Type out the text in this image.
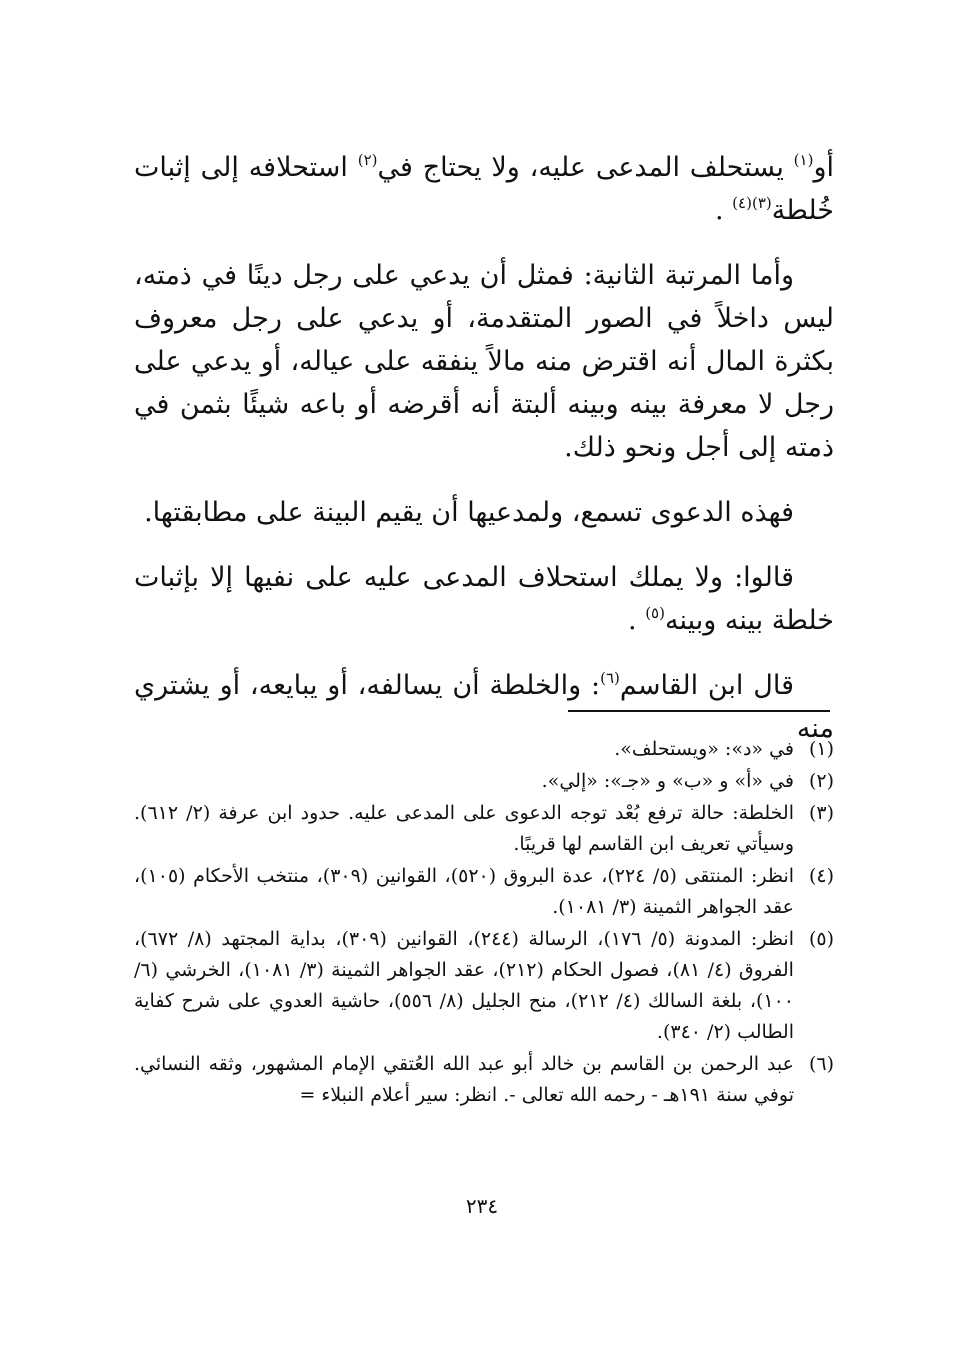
أو$^{(١)}$ يستحلف المدعى عليه، ولا يحتاج في$^{(٢)}$ استحلافه إلى إثبات خُلطة$^{(٣)(٤)}$ .

وأما المرتبة الثانية: فمثل أن يدعي على رجل دينًا في ذمته، ليس داخلاً في الصور المتقدمة، أو يدعي على رجل معروف بكثرة المال أنه اقترض منه مالاً ينفقه على عياله، أو يدعي على رجل لا معرفة بينه وبينه ألبتة أنه أقرضه أو باعه شيئًا بثمن في ذمته إلى أجل ونحو ذلك.

فهذه الدعوى تسمع، ولمدعيها أن يقيم البينة على مطابقتها.

قالوا: ولا يملك استحلاف المدعى عليه على نفيها إلا بإثبات خلطة بينه وبينه$^{(٥)}$ .

قال ابن القاسم$^{(٦)}$: والخلطة أن يسالفه، أو يبايعه، أو يشتري منه

(١)
في «د»: «ويستحلف».
(٢)
في «أ» و «ب» و «جـ»: «إلي».
(٣)
الخلطة: حالة ترفع بُعْد توجه الدعوى على المدعى عليه. حدود ابن عرفة (٢/ ٦١٢). وسيأتي تعريف ابن القاسم لها قريبًا.
(٤)
انظر: المنتقى (٥/ ٢٢٤)، عدة البروق (٥٢٠)، القوانين (٣٠٩)، منتخب الأحكام (١٠٥)، عقد الجواهر الثمينة (٣/ ١٠٨١).
(٥)
انظر: المدونة (٥/ ١٧٦)، الرسالة (٢٤٤)، القوانين (٣٠٩)، بداية المجتهد (٨/ ٦٧٢)، الفروق (٤/ ٨١)، فصول الحكام (٢١٢)، عقد الجواهر الثمينة (٣/ ١٠٨١)، الخرشي (٦/ ١٠٠)، بلغة السالك (٤/ ٢١٢)، منح الجليل (٨/ ٥٥٦)، حاشية العدوي على شرح كفاية الطالب (٢/ ٣٤٠).
(٦)
عبد الرحمن بن القاسم بن خالد أبو عبد الله العُتقي الإمام المشهور، وثقه النسائي. توفي سنة ١٩١هـ - رحمه الله تعالى -. انظر: سير أعلام النبلاء =
٢٣٤
